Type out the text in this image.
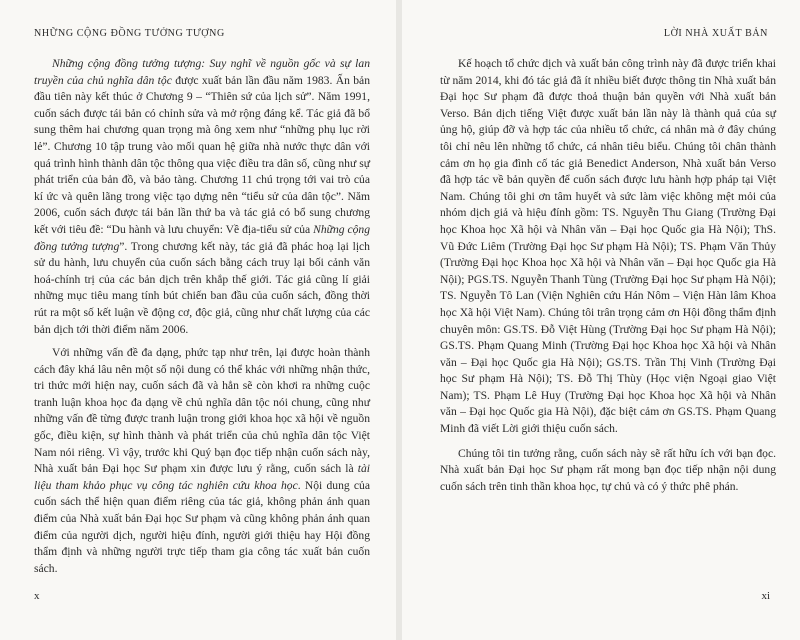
NHỮNG CỘNG ĐỒNG TƯỞNG TƯỢNG

Những cộng đồng tưởng tượng: Suy nghĩ về nguồn gốc và sự lan truyền của chủ nghĩa dân tộc được xuất bản lần đầu năm 1983. Ấn bản đầu tiên này kết thúc ở Chương 9 – “Thiên sứ của lịch sử”. Năm 1991, cuốn sách được tái bản có chỉnh sửa và mở rộng đáng kể. Tác giả đã bổ sung thêm hai chương quan trọng mà ông xem như “những phụ lục rời lẻ”. Chương 10 tập trung vào mối quan hệ giữa nhà nước thực dân với quá trình hình thành dân tộc thông qua việc điều tra dân số, cũng như sự phát triển của bản đồ, và bảo tàng. Chương 11 chú trọng tới vai trò của kí ức và quên lãng trong việc tạo dựng nên “tiểu sử của dân tộc”. Năm 2006, cuốn sách được tái bản lần thứ ba và tác giả có bổ sung chương kết với tiêu đề: “Du hành và lưu chuyển: Về địa-tiểu sử của Những cộng đồng tưởng tượng”. Trong chương kết này, tác giả đã phác hoạ lại lịch sử du hành, lưu chuyển của cuốn sách bằng cách truy lại bối cảnh văn hoá-chính trị của các bản dịch trên khắp thế giới. Tác giả cũng lí giải những mục tiêu mang tính bút chiến ban đầu của cuốn sách, đồng thời rút ra một số kết luận về động cơ, độc giả, cũng như chất lượng của các bản dịch tới thời điểm năm 2006.

Với những vấn đề đa dạng, phức tạp như trên, lại được hoàn thành cách đây khá lâu nên một số nội dung có thể khác với những nhận thức, tri thức mới hiện nay, cuốn sách đã và hẳn sẽ còn khơi ra những cuộc tranh luận khoa học đa dạng về chủ nghĩa dân tộc nói chung, cũng như những vấn đề từng được tranh luận trong giới khoa học xã hội về nguồn gốc, điều kiện, sự hình thành và phát triển của chủ nghĩa dân tộc Việt Nam nói riêng. Vì vậy, trước khi Quý bạn đọc tiếp nhận cuốn sách này, Nhà xuất bản Đại học Sư phạm xin được lưu ý rằng, cuốn sách là tài liệu tham khảo phục vụ công tác nghiên cứu khoa học. Nội dung của cuốn sách thể hiện quan điểm riêng của tác giả, không phản ánh quan điểm của Nhà xuất bản Đại học Sư phạm và cũng không phản ánh quan điểm của người dịch, người hiệu đính, người giới thiệu hay Hội đồng thẩm định và những người trực tiếp tham gia công tác xuất bản cuốn sách.

x
LỜI NHÀ XUẤT BẢN

Kế hoạch tổ chức dịch và xuất bản công trình này đã được triển khai từ năm 2014, khi đó tác giả đã ít nhiều biết được thông tin Nhà xuất bản Đại học Sư phạm đã được thoả thuận bản quyền với Nhà xuất bản Verso. Bản dịch tiếng Việt được xuất bản lần này là thành quả của sự ủng hộ, giúp đỡ và hợp tác của nhiều tổ chức, cá nhân mà ở đây chúng tôi chỉ nêu lên những tổ chức, cá nhân tiêu biểu. Chúng tôi chân thành cảm ơn họ gia đình cố tác giả Benedict Anderson, Nhà xuất bản Verso đã hợp tác về bản quyền để cuốn sách được lưu hành hợp pháp tại Việt Nam. Chúng tôi ghi ơn tâm huyết và sức làm việc không mệt mỏi của nhóm dịch giả và hiệu đính gồm: TS. Nguyễn Thu Giang (Trường Đại học Khoa học Xã hội và Nhân văn – Đại học Quốc gia Hà Nội); ThS. Vũ Đức Liêm (Trường Đại học Sư phạm Hà Nội); TS. Phạm Văn Thủy (Trường Đại học Khoa học Xã hội và Nhân văn – Đại học Quốc gia Hà Nội); PGS.TS. Nguyễn Thanh Tùng (Trường Đại học Sư phạm Hà Nội); TS. Nguyễn Tô Lan (Viện Nghiên cứu Hán Nôm – Viện Hàn lâm Khoa học Xã hội Việt Nam). Chúng tôi trân trọng cảm ơn Hội đồng thẩm định chuyên môn: GS.TS. Đỗ Việt Hùng (Trường Đại học Sư phạm Hà Nội); GS.TS. Phạm Quang Minh (Trường Đại học Khoa học Xã hội và Nhân văn – Đại học Quốc gia Hà Nội); GS.TS. Trần Thị Vinh (Trường Đại học Sư phạm Hà Nội); TS. Đỗ Thị Thùy (Học viện Ngoại giao Việt Nam); TS. Phạm Lê Huy (Trường Đại học Khoa học Xã hội và Nhân văn – Đại học Quốc gia Hà Nội), đặc biệt cảm ơn GS.TS. Phạm Quang Minh đã viết Lời giới thiệu cuốn sách.

Chúng tôi tin tưởng rằng, cuốn sách này sẽ rất hữu ích với bạn đọc. Nhà xuất bản Đại học Sư phạm rất mong bạn đọc tiếp nhận nội dung cuốn sách trên tinh thần khoa học, tự chủ và có ý thức phê phán.

xi
